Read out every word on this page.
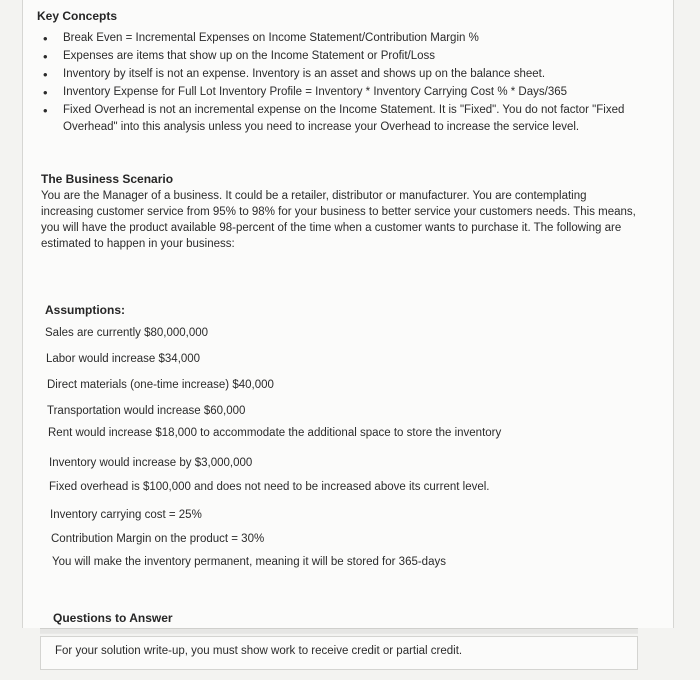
Key Concepts
• Break Even = Incremental Expenses on Income Statement/Contribution Margin %
• Expenses are items that show up on the Income Statement or Profit/Loss
• Inventory by itself is not an expense. Inventory is an asset and shows up on the balance sheet.
• Inventory Expense for Full Lot Inventory Profile = Inventory * Inventory Carrying Cost % * Days/365
• Fixed Overhead is not an incremental expense on the Income Statement. It is "Fixed". You do not factor "Fixed Overhead" into this analysis unless you need to increase your Overhead to increase the service level.
The Business Scenario
You are the Manager of a business. It could be a retailer, distributor or manufacturer. You are contemplating increasing customer service from 95% to 98% for your business to better service your customers needs. This means, you will have the product available 98-percent of the time when a customer wants to purchase it. The following are estimated to happen in your business:
Assumptions:
Sales are currently $80,000,000
Labor would increase $34,000
Direct materials (one-time increase) $40,000
Transportation would increase $60,000
Rent would increase $18,000 to accommodate the additional space to store the inventory
Inventory would increase by $3,000,000
Fixed overhead is $100,000 and does not need to be increased above its current level.
Inventory carrying cost = 25%
Contribution Margin on the product = 30%
You will make the inventory permanent, meaning it will be stored for 365-days
Questions to Answer
For your solution write-up, you must show work to receive credit or partial credit.
